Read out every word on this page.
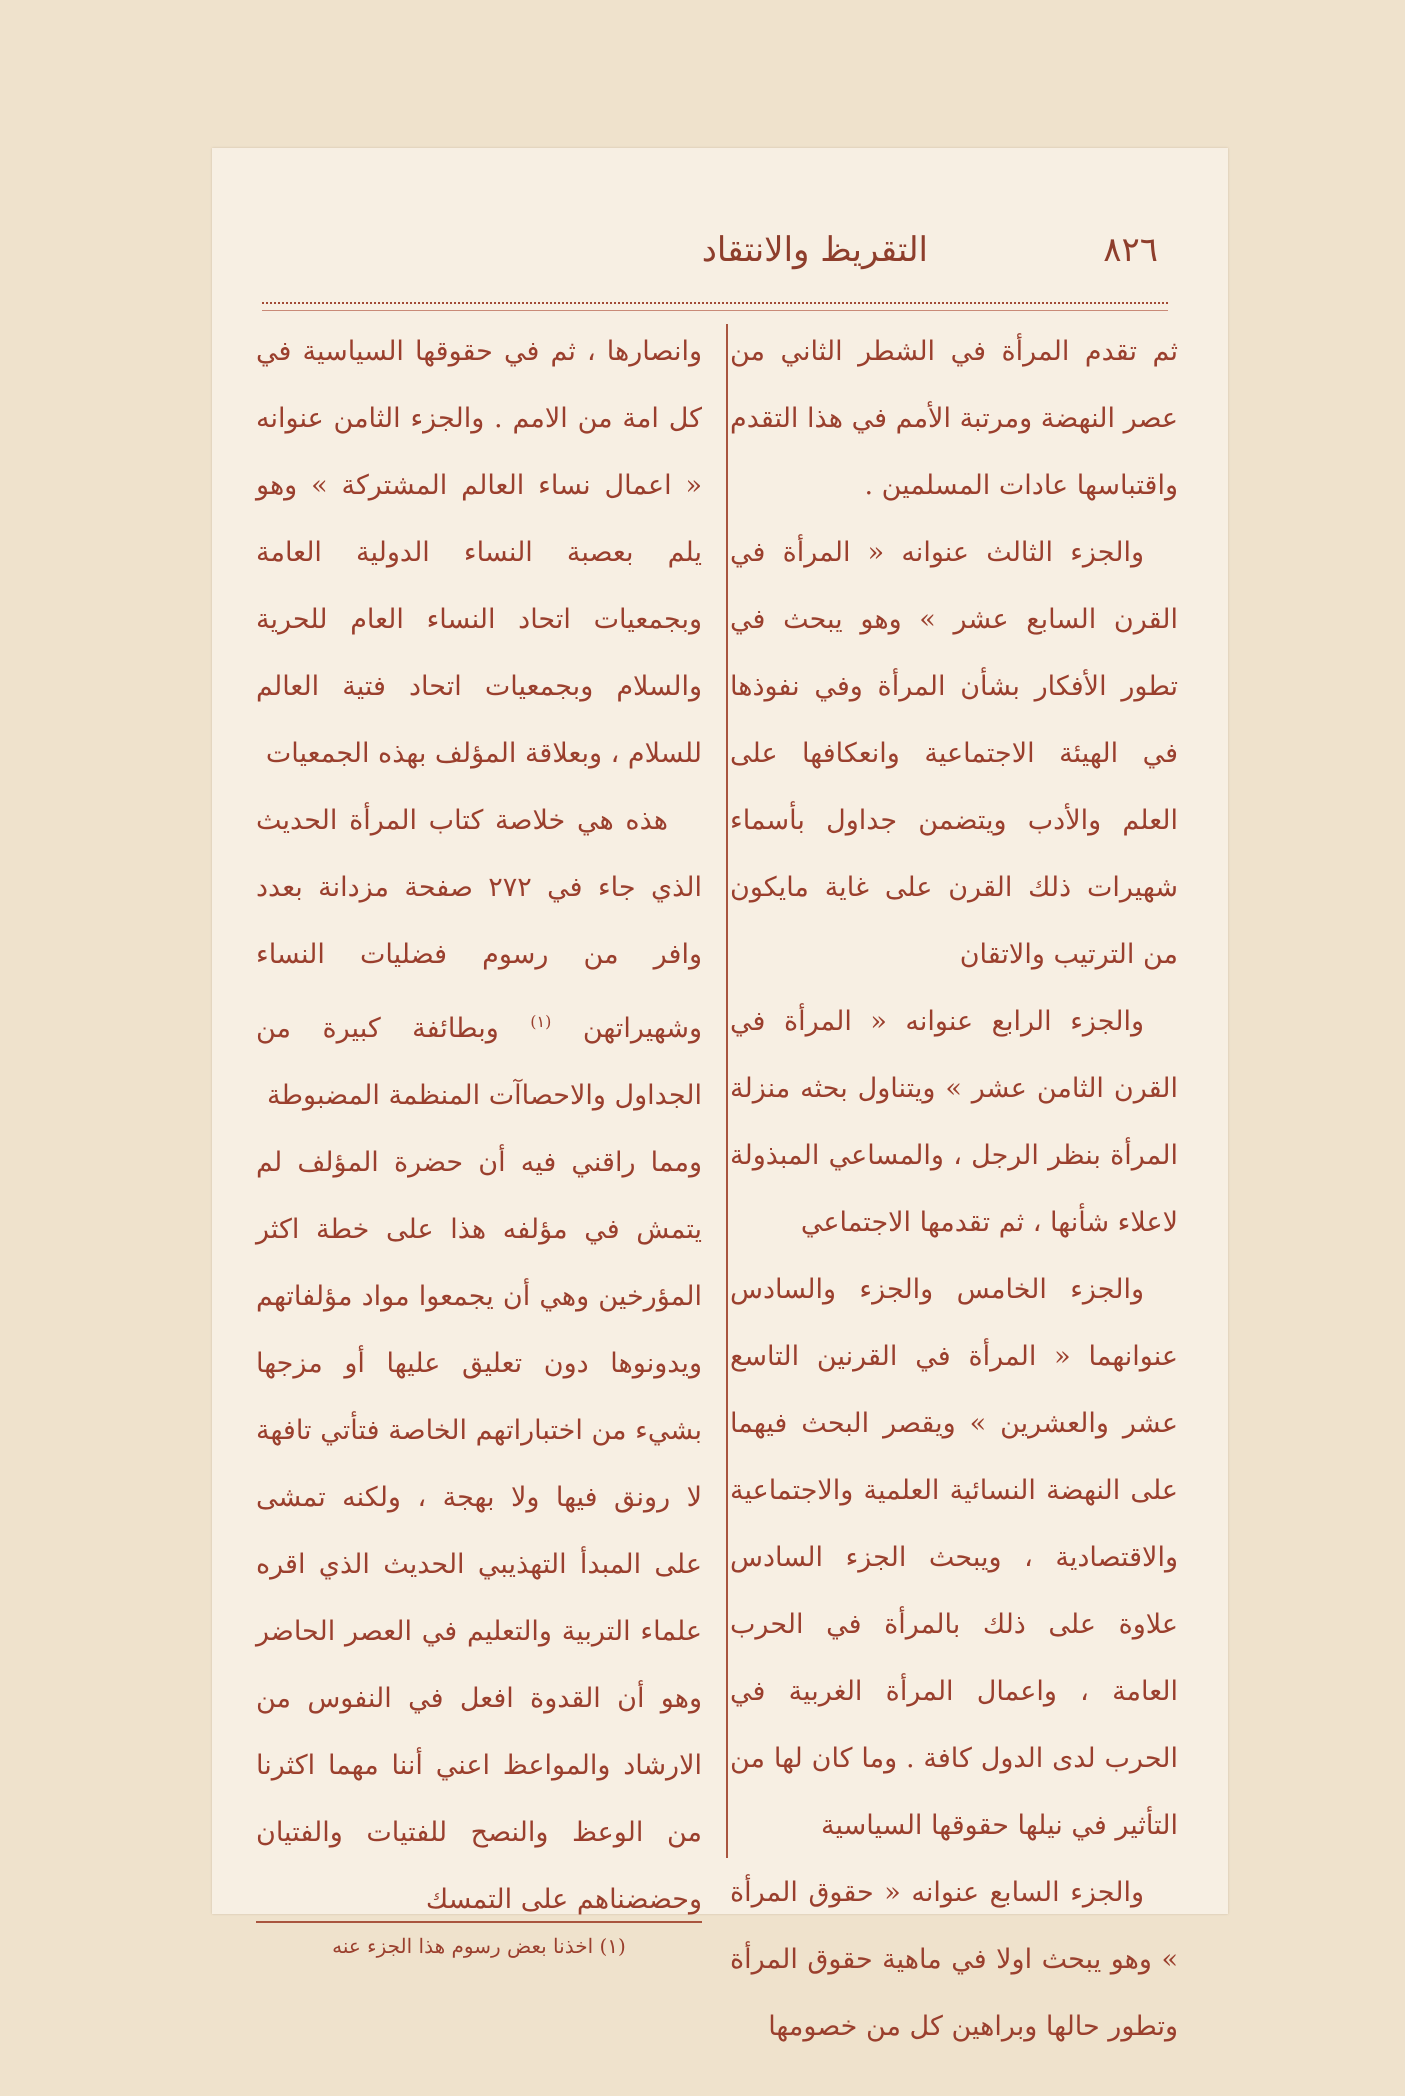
٨٢٦
التقريظ والانتقاد

ثم تقدم المرأة في الشطر الثاني من عصر النهضة ومرتبة الأمم في هذا التقدم واقتباسها عادات المسلمين .

والجزء الثالث عنوانه « المرأة في القرن السابع عشر » وهو يبحث في تطور الأفكار بشأن المرأة وفي نفوذها في الهيئة الاجتماعية وانعكافها على العلم والأدب ويتضمن جداول بأسماء شهيرات ذلك القرن على غاية مايكون من الترتيب والاتقان

والجزء الرابع عنوانه « المرأة في القرن الثامن عشر » ويتناول بحثه منزلة المرأة بنظر الرجل ، والمساعي المبذولة لاعلاء شأنها ، ثم تقدمها الاجتماعي

والجزء الخامس والجزء والسادس عنوانهما « المرأة في القرنين التاسع عشر والعشرين » ويقصر البحث فيهما على النهضة النسائية العلمية والاجتماعية والاقتصادية ، ويبحث الجزء السادس علاوة على ذلك بالمرأة في الحرب العامة ، واعمال المرأة الغربية في الحرب لدى الدول كافة . وما كان لها من التأثير في نيلها حقوقها السياسية

والجزء السابع عنوانه « حقوق المرأة » وهو يبحث اولا في ماهية حقوق المرأة وتطور حالها وبراهين كل من خصومها

وانصارها ، ثم في حقوقها السياسية في كل امة من الامم . والجزء الثامن عنوانه « اعمال نساء العالم المشتركة » وهو يلم بعصبة النساء الدولية العامة وبجمعيات اتحاد النساء العام للحرية والسلام وبجمعيات اتحاد فتية العالم للسلام ، وبعلاقة المؤلف بهذه الجمعيات

هذه هي خلاصة كتاب المرأة الحديث الذي جاء في ٢٧٢ صفحة مزدانة بعدد وافر من رسوم فضليات النساء وشهيراتهن $^{(١)}$ وبطائفة كبيرة من الجداول والاحصاآت المنظمة المضبوطة

ومما راقني فيه أن حضرة المؤلف لم يتمش في مؤلفه هذا على خطة اكثر المؤرخين وهي أن يجمعوا مواد مؤلفاتهم ويدونوها دون تعليق عليها أو مزجها بشيء من اختباراتهم الخاصة فتأتي تافهة لا رونق فيها ولا بهجة ، ولكنه تمشى على المبدأ التهذيبي الحديث الذي اقره علماء التربية والتعليم في العصر الحاضر وهو أن القدوة افعل في النفوس من الارشاد والمواعظ اعني أننا مهما اكثرنا من الوعظ والنصح للفتيات والفتيان وحضضناهم على التمسك

(١) اخذنا بعض رسوم هذا الجزء عنه
